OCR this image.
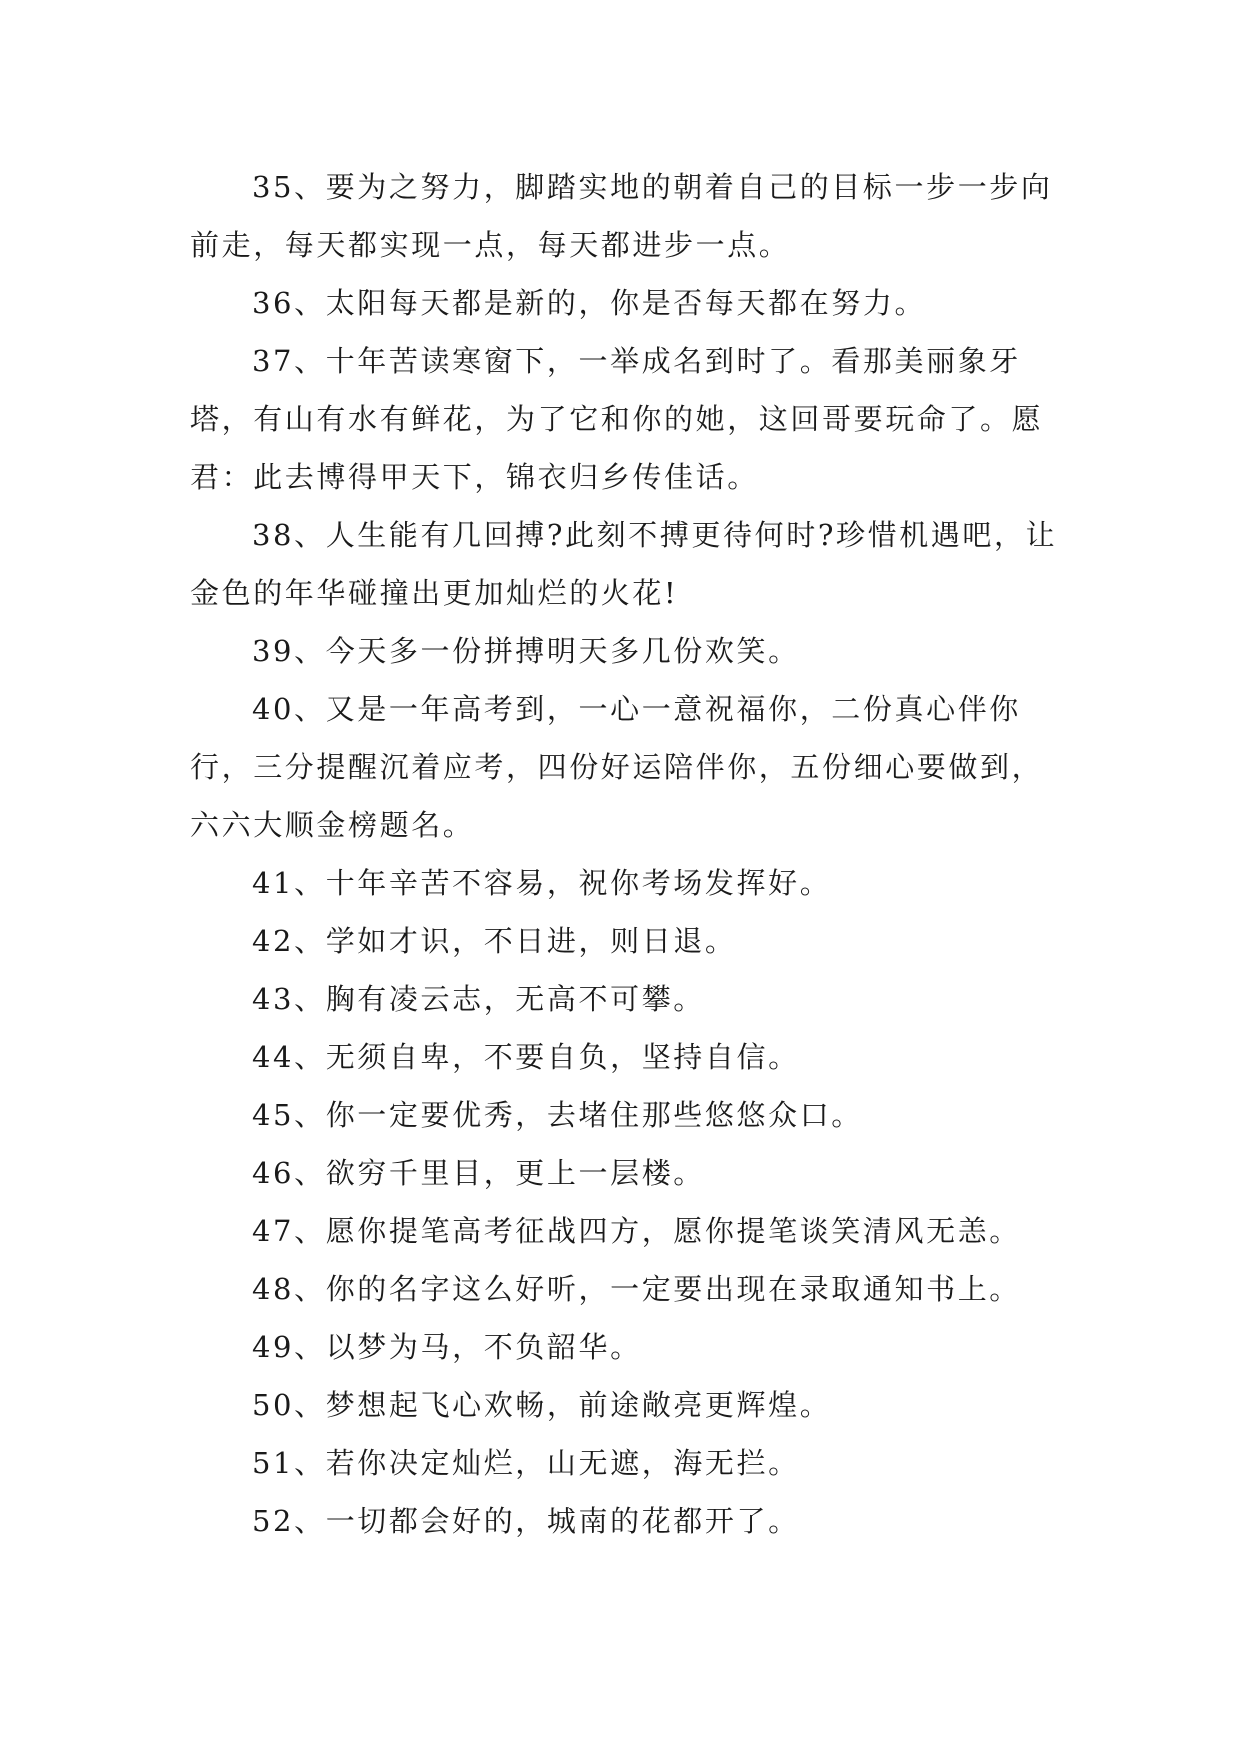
35、要为之努力，脚踏实地的朝着自己的目标一步一步向前走，每天都实现一点，每天都进步一点。

36、太阳每天都是新的，你是否每天都在努力。

37、十年苦读寒窗下，一举成名到时了。看那美丽象牙塔，有山有水有鲜花，为了它和你的她，这回哥要玩命了。愿君：此去博得甲天下，锦衣归乡传佳话。

38、人生能有几回搏?此刻不搏更待何时?珍惜机遇吧，让金色的年华碰撞出更加灿烂的火花!

39、今天多一份拼搏明天多几份欢笑。

40、又是一年高考到，一心一意祝福你，二份真心伴你行，三分提醒沉着应考，四份好运陪伴你，五份细心要做到，六六大顺金榜题名。

41、十年辛苦不容易，祝你考场发挥好。

42、学如才识，不日进，则日退。

43、胸有凌云志，无高不可攀。

44、无须自卑，不要自负，坚持自信。

45、你一定要优秀，去堵住那些悠悠众口。

46、欲穷千里目，更上一层楼。

47、愿你提笔高考征战四方，愿你提笔谈笑清风无恙。

48、你的名字这么好听，一定要出现在录取通知书上。

49、以梦为马，不负韶华。

50、梦想起飞心欢畅，前途敞亮更辉煌。

51、若你决定灿烂，山无遮，海无拦。

52、一切都会好的，城南的花都开了。
